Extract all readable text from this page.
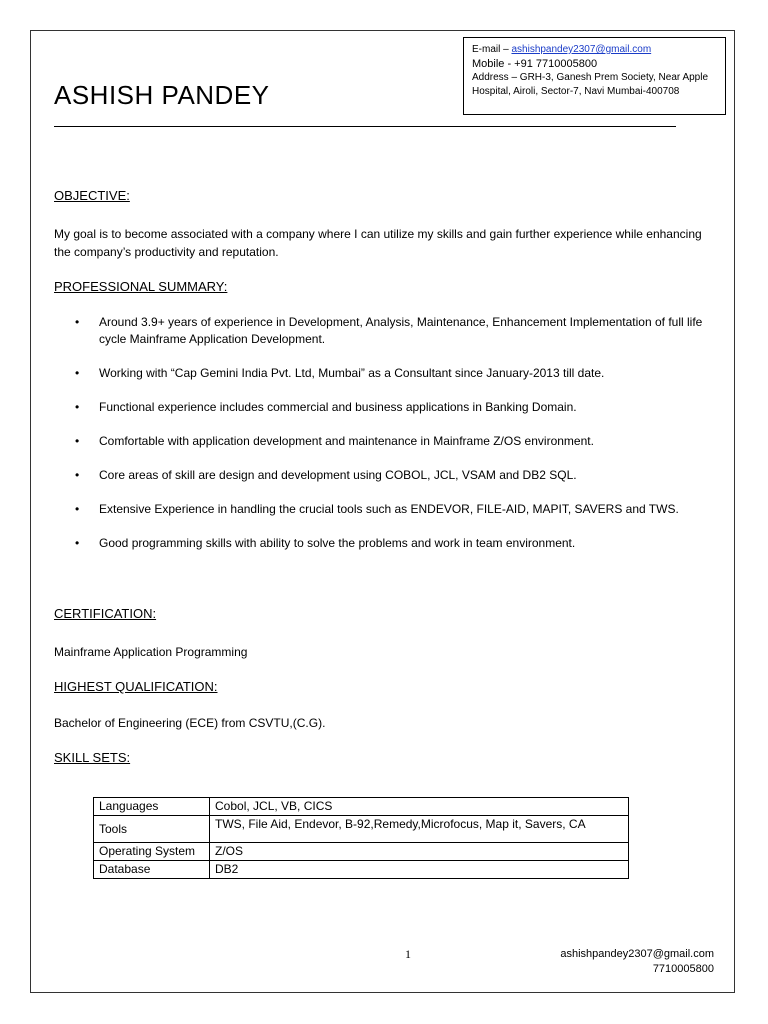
ASHISH PANDEY
E-mail – ashishpandey2307@gmail.com
Mobile - +91 7710005800
Address – GRH-3, Ganesh Prem Society, Near Apple Hospital, Airoli, Sector-7, Navi Mumbai-400708
OBJECTIVE:

My goal is to become associated with a company where I can utilize my skills and gain further experience while enhancing the company’s productivity and reputation.

PROFESSIONAL SUMMARY:
• Around 3.9+ years of experience in Development, Analysis, Maintenance, Enhancement Implementation of full life cycle Mainframe Application Development.
• Working with “Cap Gemini India Pvt. Ltd, Mumbai” as a Consultant since January-2013 till date.
• Functional experience includes commercial and business applications in Banking Domain.
• Comfortable with application development and maintenance in Mainframe Z/OS environment.
• Core areas of skill are design and development using COBOL, JCL, VSAM and DB2 SQL.
• Extensive Experience in handling the crucial tools such as ENDEVOR, FILE-AID, MAPIT, SAVERS and TWS.
• Good programming skills with ability to solve the problems and work in team environment.
CERTIFICATION:

Mainframe Application Programming

HIGHEST QUALIFICATION:

Bachelor of Engineering (ECE) from CSVTU,(C.G).

SKILL SETS:
Languages	Cobol, JCL, VB, CICS
Tools	TWS, File Aid, Endevor, B-92,Remedy,Microfocus, Map it, Savers, CA
Operating System	Z/OS
Database	DB2
1	ashishpandey2307@gmail.com
7710005800
